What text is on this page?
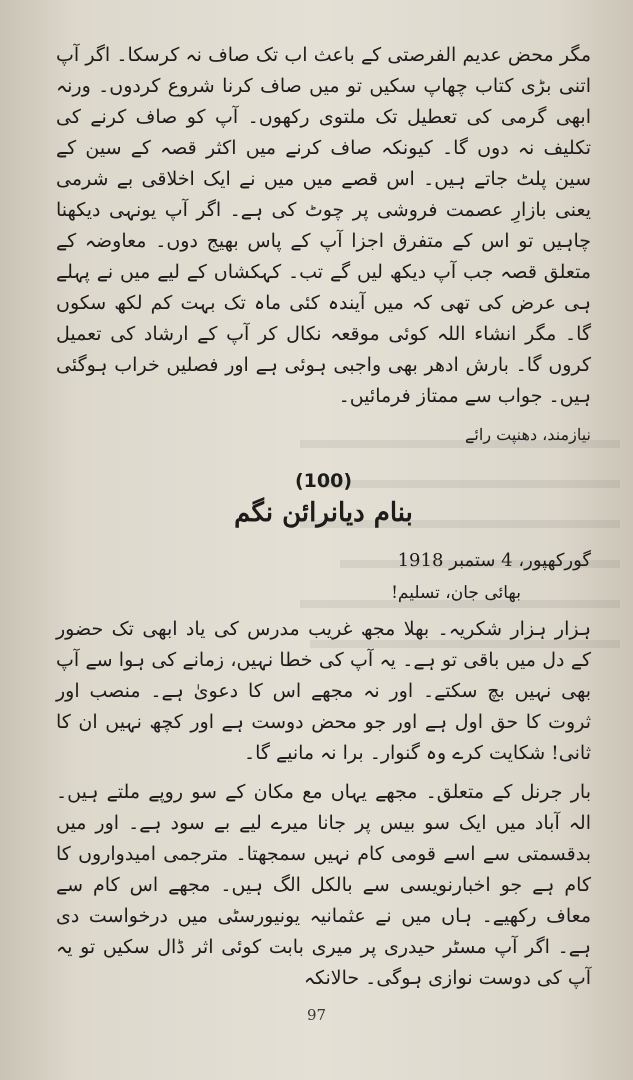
مگر محض عدیم الفرصتی کے باعث اب تک صاف نہ کرسکا۔ اگر آپ اتنی بڑی کتاب چھاپ سکیں تو میں صاف کرنا شروع کردوں۔ ورنہ ابھی گرمی کی تعطیل تک ملتوی رکھوں۔ آپ کو صاف کرنے کی تکلیف نہ دوں گا۔ کیونکہ صاف کرنے میں اکثر قصہ کے سین کے سین پلٹ جاتے ہیں۔ اس قصے میں میں نے ایک اخلاقی بے شرمی یعنی بازارِ عصمت فروشی پر چوٹ کی ہے۔ اگر آپ یونہی دیکھنا چاہیں تو اس کے متفرق اجزا آپ کے پاس بھیج دوں۔ معاوضہ کے متعلق قصہ جب آپ دیکھ لیں گے تب۔ کہکشاں کے لیے میں نے پہلے ہی عرض کی تھی کہ میں آیندہ کئی ماہ تک بہت کم لکھ سکوں گا۔ مگر انشاء اللہ کوئی موقعہ نکال کر آپ کے ارشاد کی تعمیل کروں گا۔ بارش ادھر بھی واجبی ہوئی ہے اور فصلیں خراب ہوگئی ہیں۔ جواب سے ممتاز فرمائیں۔

نیازمند، دھنپت رائے

(100)
بنام دیانرائن نگم

گورکھپور، 4 ستمبر 1918

بھائی جان، تسلیم!

ہزار ہزار شکریہ۔ بھلا مجھ غریب مدرس کی یاد ابھی تک حضور کے دل میں باقی تو ہے۔ یہ آپ کی خطا نہیں، زمانے کی ہوا سے آپ بھی نہیں بچ سکتے۔ اور نہ مجھے اس کا دعویٰ ہے۔ منصب اور ثروت کا حق اول ہے اور جو محض دوست ہے اور کچھ نہیں ان کا ثانی! شکایت کرے وہ گنوار۔ برا نہ مانیے گا۔

بار جرنل کے متعلق۔ مجھے یہاں مع مکان کے سو روپے ملتے ہیں۔ الہ آباد میں ایک سو بیس پر جانا میرے لیے بے سود ہے۔ اور میں بدقسمتی سے اسے قومی کام نہیں سمجھتا۔ مترجمی امیدواروں کا کام ہے جو اخبارنویسی سے بالکل الگ ہیں۔ مجھے اس کام سے معاف رکھیے۔ ہاں میں نے عثمانیہ یونیورسٹی میں درخواست دی ہے۔ اگر آپ مسٹر حیدری پر میری بابت کوئی اثر ڈال سکیں تو یہ آپ کی دوست نوازی ہوگی۔ حالانکہ

97
